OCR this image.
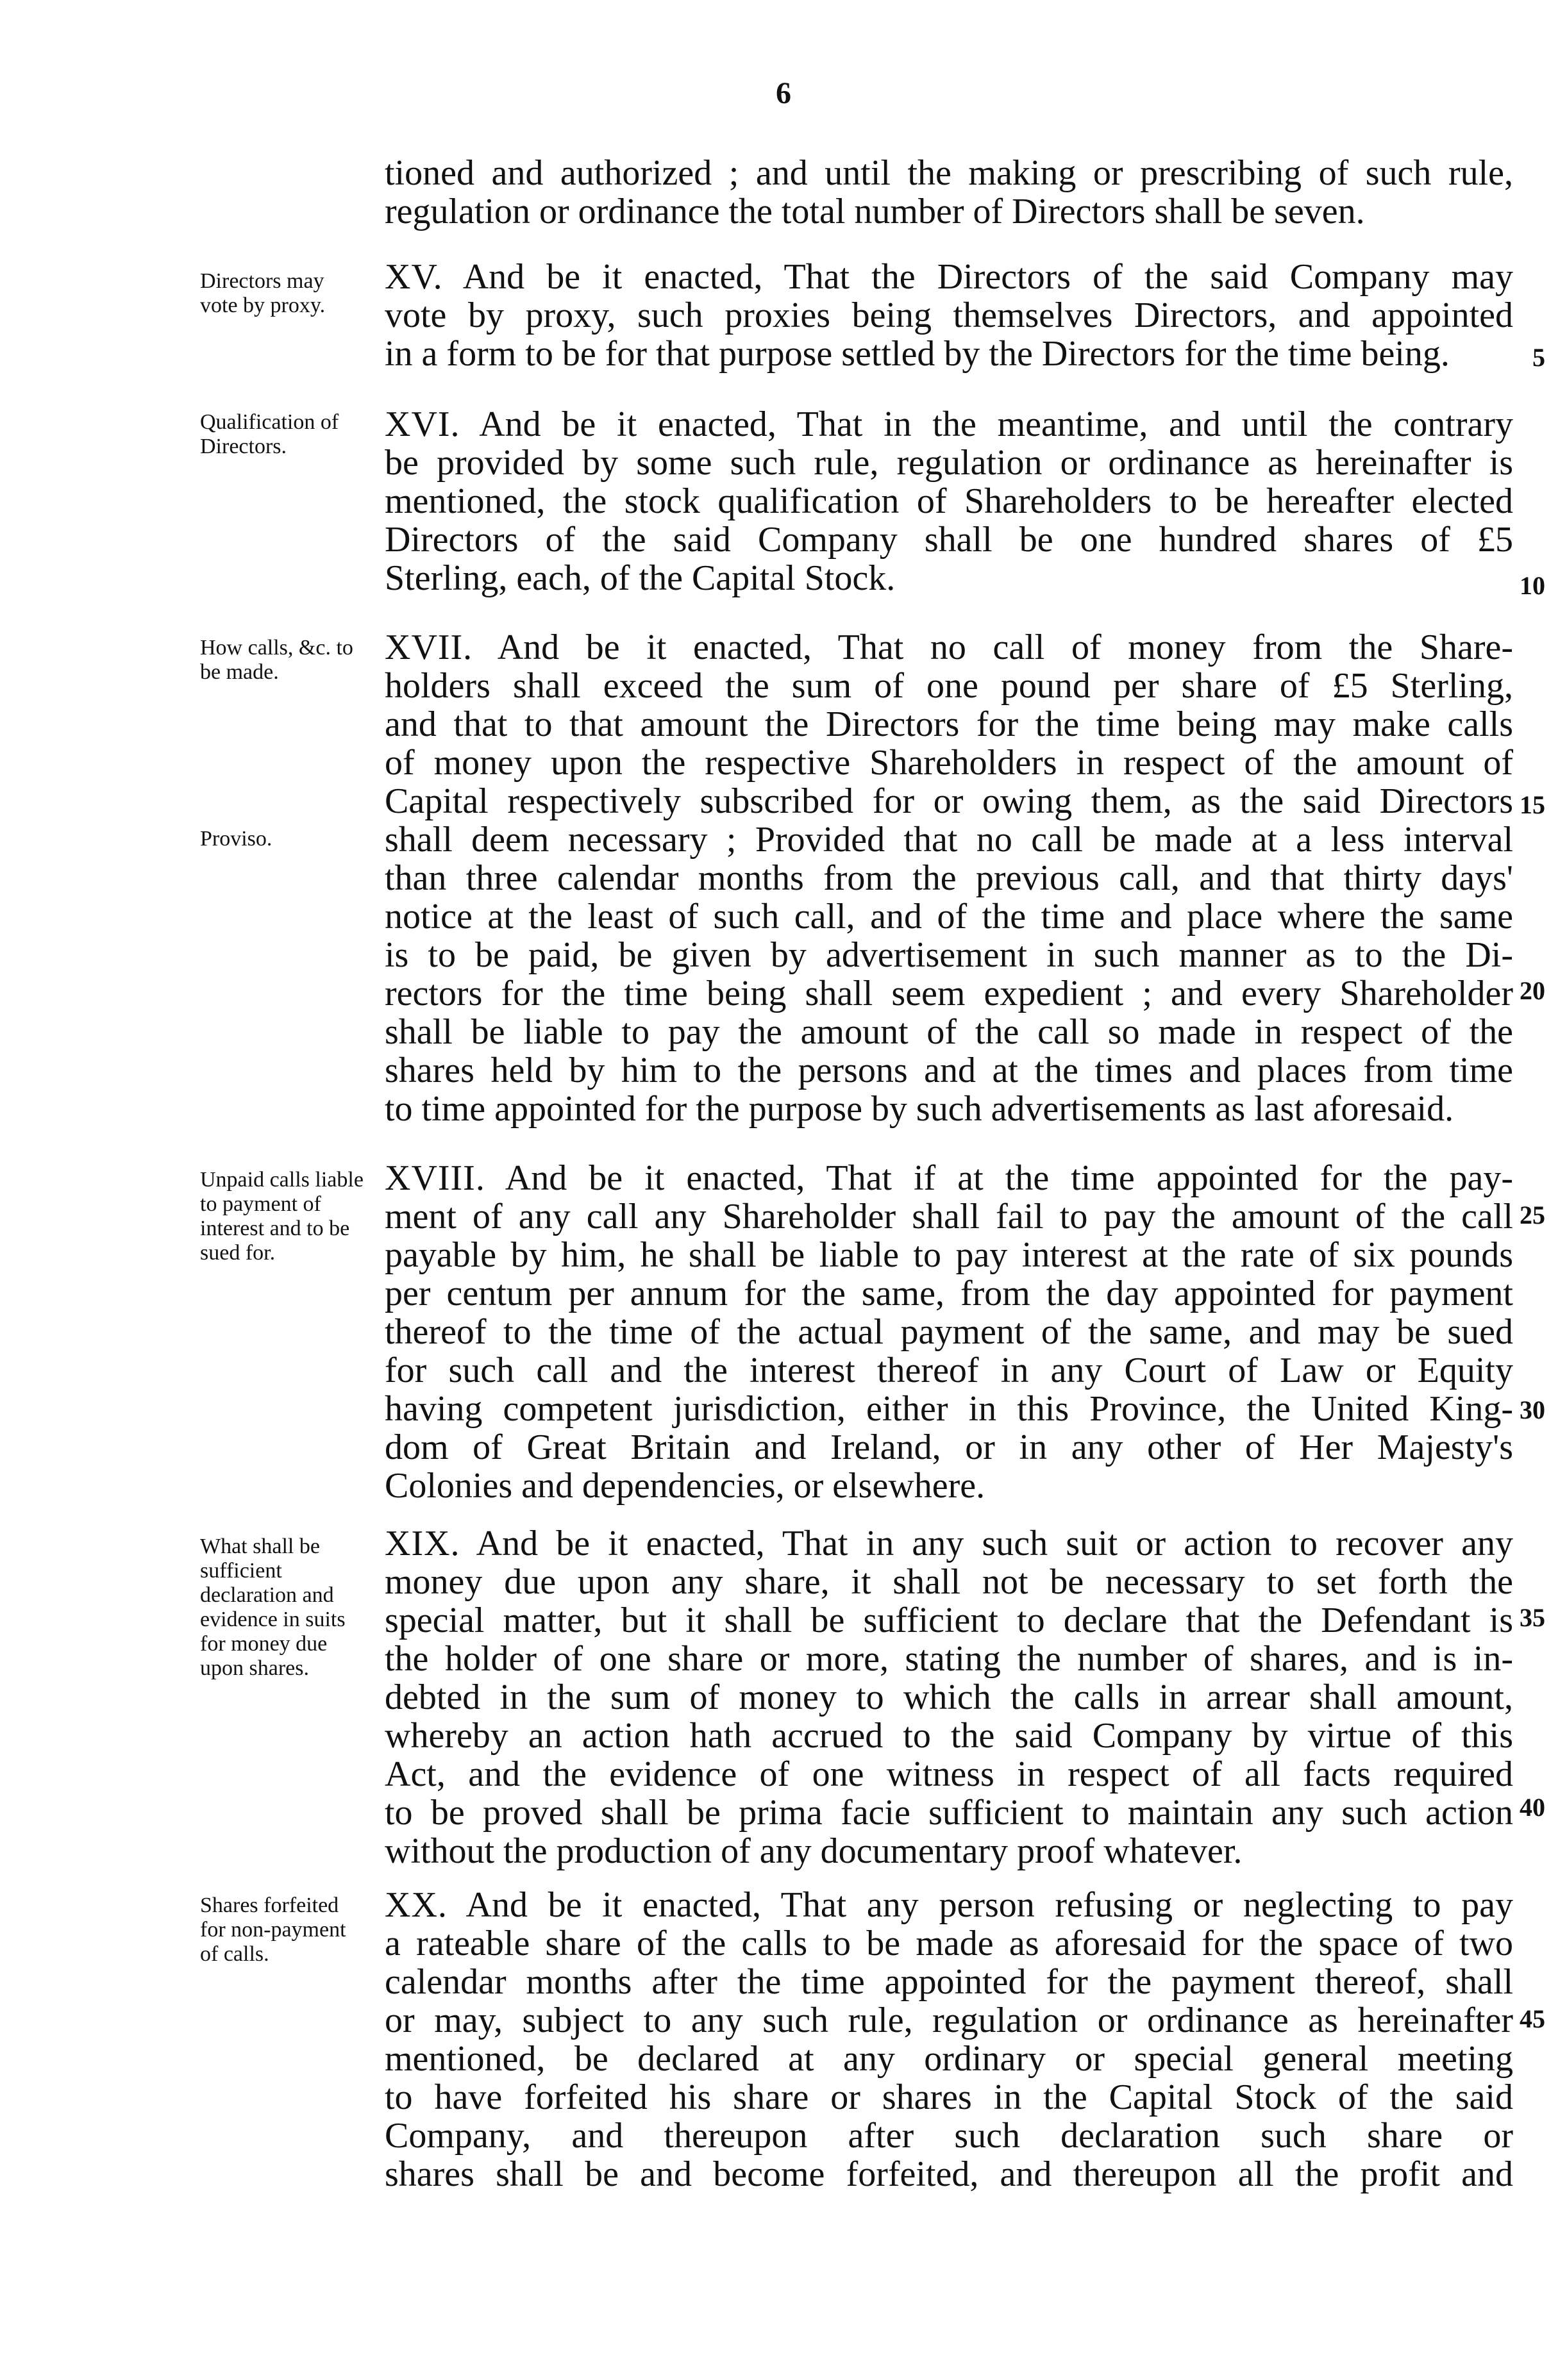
6
tioned and authorized ; and until the making or prescribing of such rule,
regulation or ordinance the total number of Directors shall be seven.
Directors may vote by proxy.
XV. And be it enacted, That the Directors of the said Company may
vote by proxy, such proxies being themselves Directors, and appointed
in a form to be for that purpose settled by the Directors for the time being.	5
Qualification of Directors.
XVI. And be it enacted, That in the meantime, and until the contrary
be provided by some such rule, regulation or ordinance as hereinafter is
mentioned, the stock qualification of Shareholders to be hereafter elected
Directors of the said Company shall be one hundred shares of £5
Sterling, each, of the Capital Stock.	10
How calls, &c. to be made.
Proviso.
XVII. And be it enacted, That no call of money from the Share-
holders shall exceed the sum of one pound per share of £5 Sterling,
and that to that amount the Directors for the time being may make calls
of money upon the respective Shareholders in respect of the amount of
Capital respectively subscribed for or owing them, as the said Directors
shall deem necessary ; Provided that no call be made at a less interval
than three calendar months from the previous call, and that thirty days'
notice at the least of such call, and of the time and place where the same
is to be paid, be given by advertisement in such manner as to the Di-
rectors for the time being shall seem expedient ; and every Shareholder
shall be liable to pay the amount of the call so made in respect of the
shares held by him to the persons and at the times and places from time
to time appointed for the purpose by such advertisements as last aforesaid.
15
20
Unpaid calls liable to payment of interest and to be sued for.
XVIII. And be it enacted, That if at the time appointed for the pay-
ment of any call any Shareholder shall fail to pay the amount of the call
payable by him, he shall be liable to pay interest at the rate of six pounds
per centum per annum for the same, from the day appointed for payment
thereof to the time of the actual payment of the same, and may be sued
for such call and the interest thereof in any Court of Law or Equity
having competent jurisdiction, either in this Province, the United King-
dom of Great Britain and Ireland, or in any other of Her Majesty's
Colonies and dependencies, or elsewhere.
25
30
What shall be sufficient declaration and evidence in suits for money due upon shares.
XIX. And be it enacted, That in any such suit or action to recover any
money due upon any share, it shall not be necessary to set forth the
special matter, but it shall be sufficient to declare that the Defendant is
the holder of one share or more, stating the number of shares, and is in-
debted in the sum of money to which the calls in arrear shall amount,
whereby an action hath accrued to the said Company by virtue of this
Act, and the evidence of one witness in respect of all facts required
to be proved shall be prima facie sufficient to maintain any such action
without the production of any documentary proof whatever.
35
40
Shares forfeited for non-payment of calls.
XX. And be it enacted, That any person refusing or neglecting to pay
a rateable share of the calls to be made as aforesaid for the space of two
calendar months after the time appointed for the payment thereof, shall
or may, subject to any such rule, regulation or ordinance as hereinafter
mentioned, be declared at any ordinary or special general meeting
to have forfeited his share or shares in the Capital Stock of the said
Company, and thereupon after such declaration such share or
shares shall be and become forfeited, and thereupon all the profit and
45
